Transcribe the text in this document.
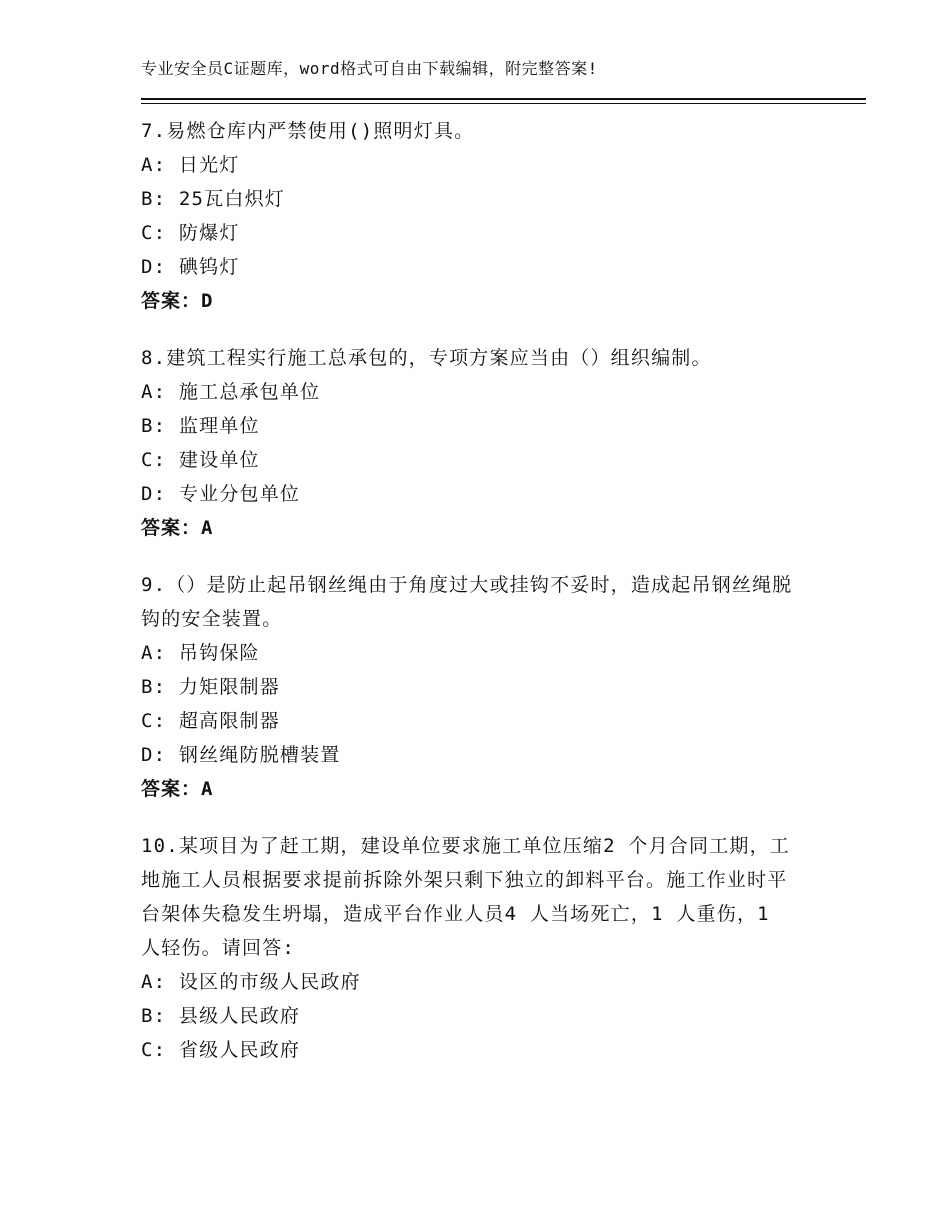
专业安全员C证题库，word格式可自由下载编辑，附完整答案!
7.易燃仓库内严禁使用()照明灯具。
A: 日光灯
B: 25瓦白炽灯
C: 防爆灯
D: 碘钨灯
答案：D
8.建筑工程实行施工总承包的，专项方案应当由（）组织编制。
A: 施工总承包单位
B: 监理单位
C: 建设单位
D: 专业分包单位
答案：A
9.（）是防止起吊钢丝绳由于角度过大或挂钩不妥时，造成起吊钢丝绳脱钩的安全装置。
A: 吊钩保险
B: 力矩限制器
C: 超高限制器
D: 钢丝绳防脱槽装置
答案：A
10.某项目为了赶工期，建设单位要求施工单位压缩2 个月合同工期，工地施工人员根据要求提前拆除外架只剩下独立的卸料平台。施工作业时平台架体失稳发生坍塌，造成平台作业人员4 人当场死亡，1 人重伤，1 人轻伤。请回答:
A: 设区的市级人民政府
B: 县级人民政府
C: 省级人民政府
